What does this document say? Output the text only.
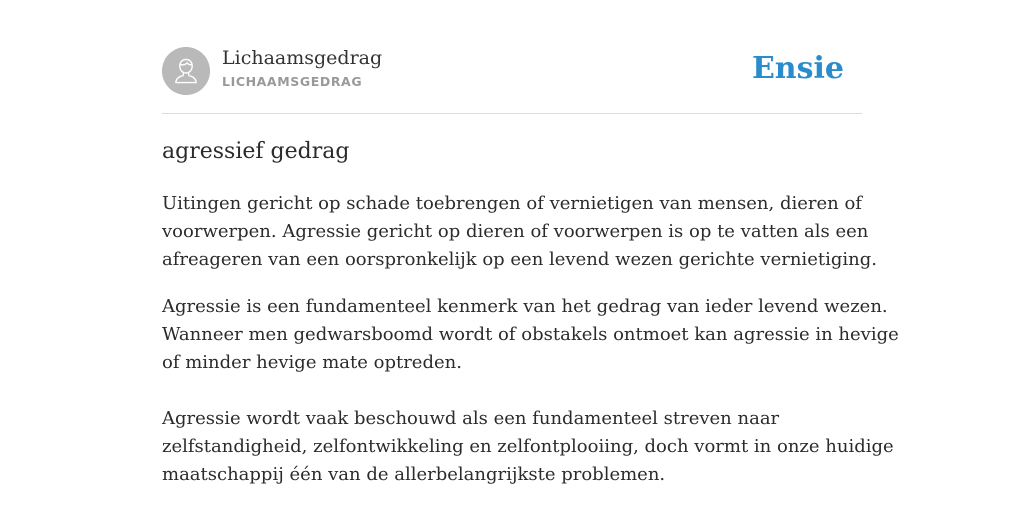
Lichaamsgedrag
LICHAAMSGEDRAG	Ensie
agressief gedrag

Uitingen gericht op schade toebrengen of vernietigen van mensen, dieren of
voorwerpen. Agressie gericht op dieren of voorwerpen is op te vatten als een
afreageren van een oorspronkelijk op een levend wezen gerichte vernietiging.

Agressie is een fundamenteel kenmerk van het gedrag van ieder levend wezen.
Wanneer men gedwarsboomd wordt of obstakels ontmoet kan agressie in hevige
of minder hevige mate optreden.

Agressie wordt vaak beschouwd als een fundamenteel streven naar
zelfstandigheid, zelfontwikkeling en zelfontplooiing, doch vormt in onze huidige
maatschappij één van de allerbelangrijkste problemen.
